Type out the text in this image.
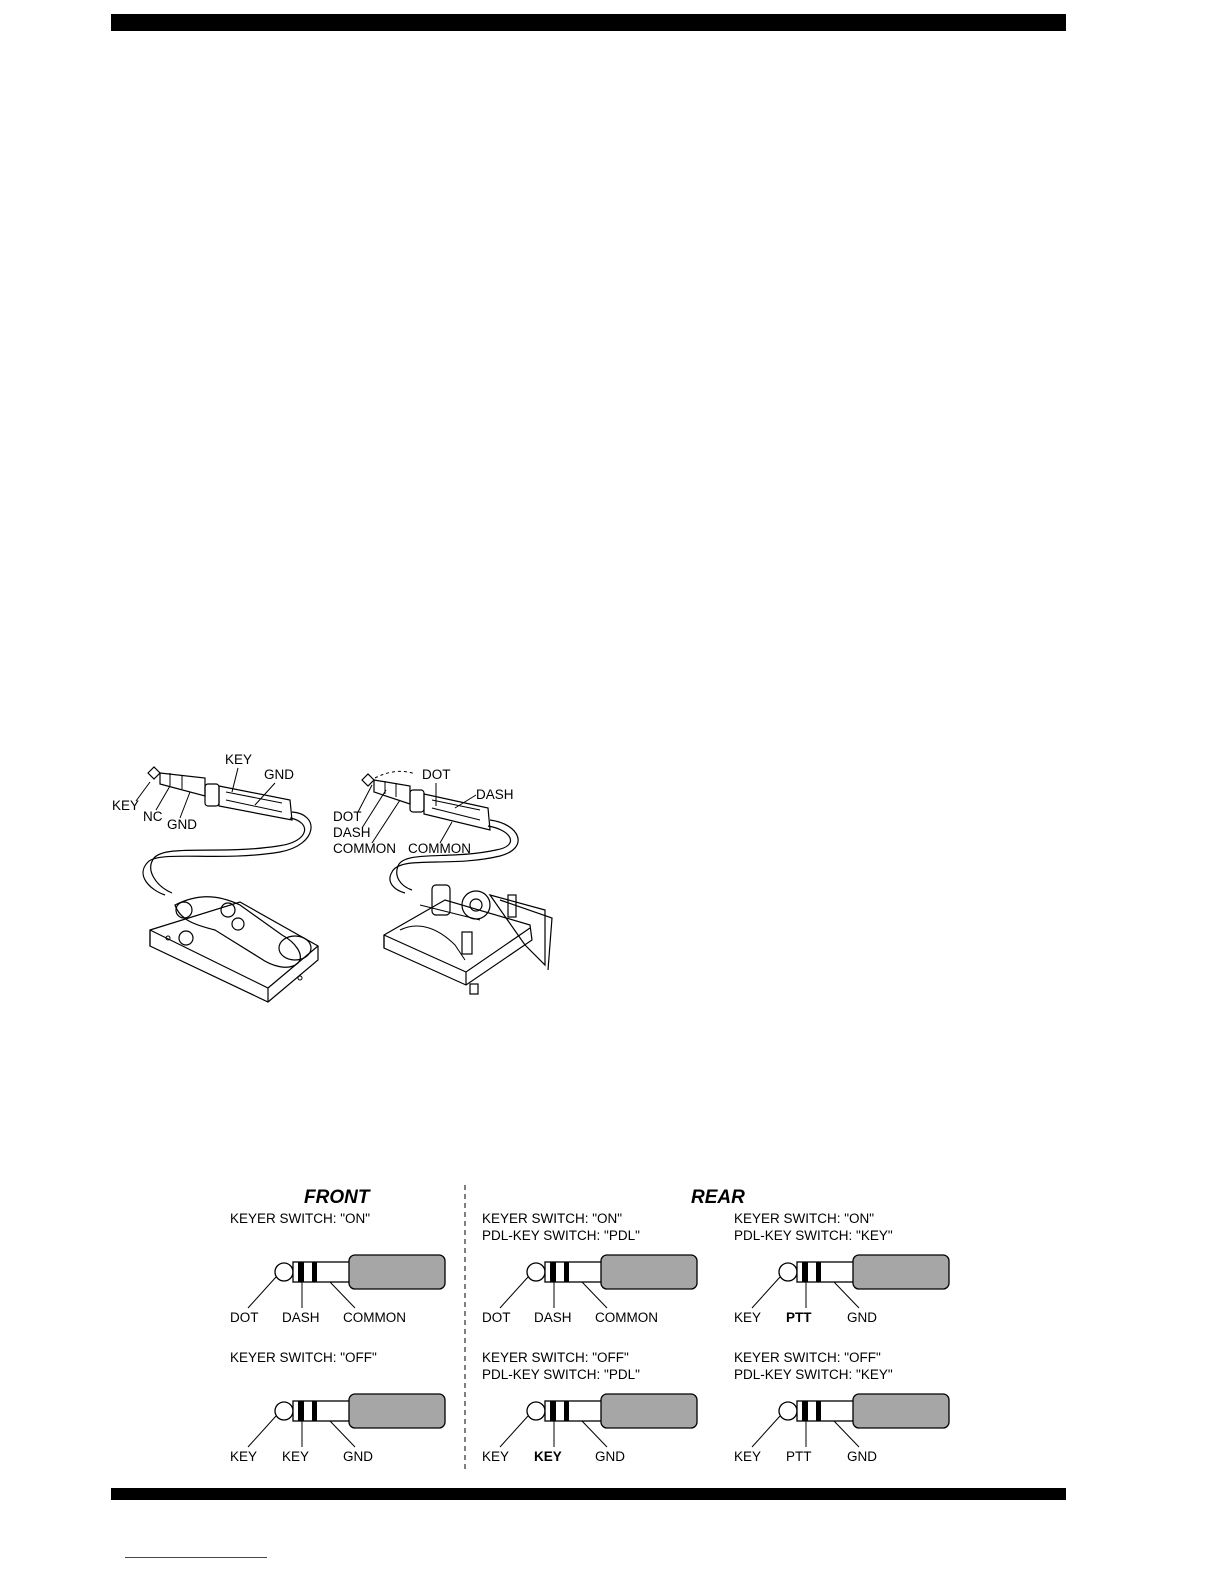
KEY
GND
KEY
NC
GND
DOT
DASH
DOT
DASH
COMMON COMMON
FRONT	REAR
KEYER SWITCH: "ON"
DOT DASH COMMON
KEYER SWITCH: "ON"
PDL-KEY SWITCH: "PDL"
DOT DASH COMMON
KEYER SWITCH: "ON"
PDL-KEY SWITCH: "KEY"
KEY PTT	GND
KEYER SWITCH: "OFF"
KEY KEY	GND
KEYER SWITCH: "OFF"
PDL-KEY SWITCH: "PDL"
KEY KEY GND
KEYER SWITCH: "OFF"
PDL-KEY SWITCH: "KEY"
KEY PTT	GND
